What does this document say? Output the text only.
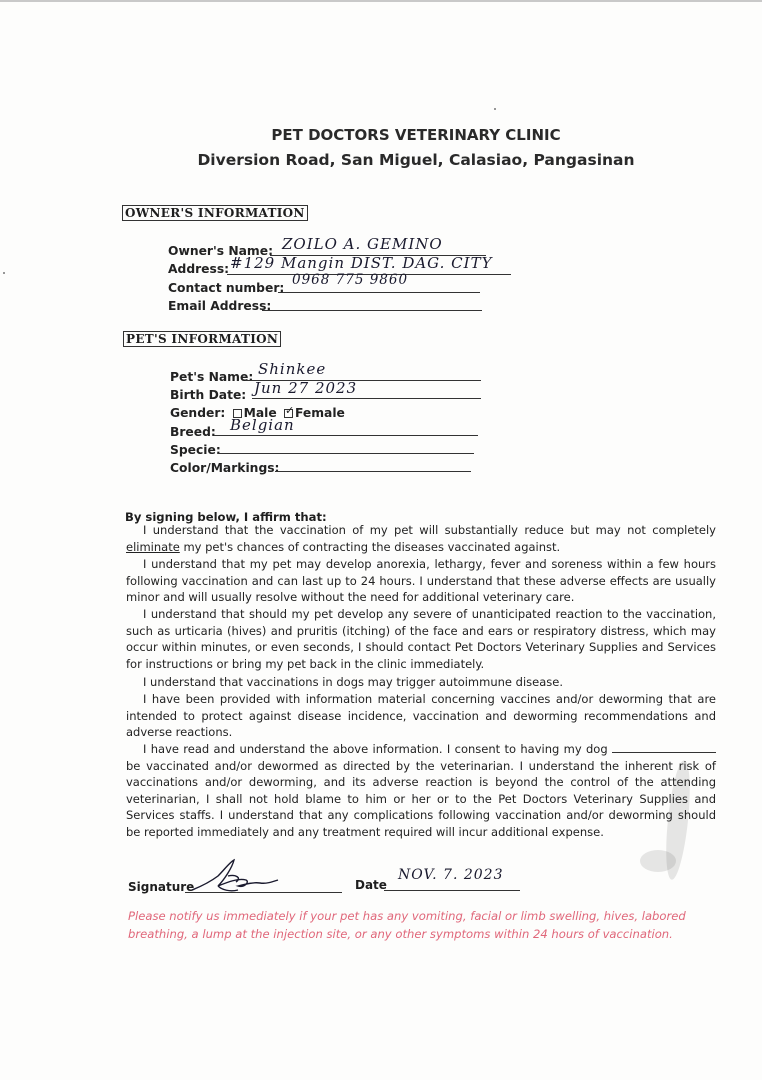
PET DOCTORS VETERINARY CLINIC
Diversion Road, San Miguel, Calasiao, Pangasinan
OWNER'S INFORMATION
Owner's Name: ZOILO A. GEMINO
Address: #129 Mangin DIST. DAG. CITY
Contact number: 0968 775 9860
Email Address:
PET'S INFORMATION
Pet's Name: Shinkee
Birth Date: Jun 27 2023
Gender: Male ✓ Female
Breed: Belgian
Specie:
Color/Markings:
By signing below, I affirm that:
I understand that the vaccination of my pet will substantially reduce but may not completely eliminate my pet's chances of contracting the diseases vaccinated against.
I understand that my pet may develop anorexia, lethargy, fever and soreness within a few hours following vaccination and can last up to 24 hours. I understand that these adverse effects are usually minor and will usually resolve without the need for additional veterinary care.
I understand that should my pet develop any severe of unanticipated reaction to the vaccination, such as urticaria (hives) and pruritis (itching) of the face and ears or respiratory distress, which may occur within minutes, or even seconds, I should contact Pet Doctors Veterinary Supplies and Services for instructions or bring my pet back in the clinic immediately.
I understand that vaccinations in dogs may trigger autoimmune disease.
I have been provided with information material concerning vaccines and/or deworming that are intended to protect against disease incidence, vaccination and deworming recommendations and adverse reactions.
I have read and understand the above information. I consent to having my dog  be vaccinated and/or dewormed as directed by the veterinarian. I understand the inherent risk of vaccinations and/or deworming, and its adverse reaction is beyond the control of the attending veterinarian, I shall not hold blame to him or her or to the Pet Doctors Veterinary Supplies and Services staffs. I understand that any complications following vaccination and/or deworming should be reported immediately and any treatment required will incur additional expense.
Signature	Date
NOV. 7. 2023
Please notify us immediately if your pet has any vomiting, facial or limb swelling, hives, labored breathing, a lump at the injection site, or any other symptoms within 24 hours of vaccination.
